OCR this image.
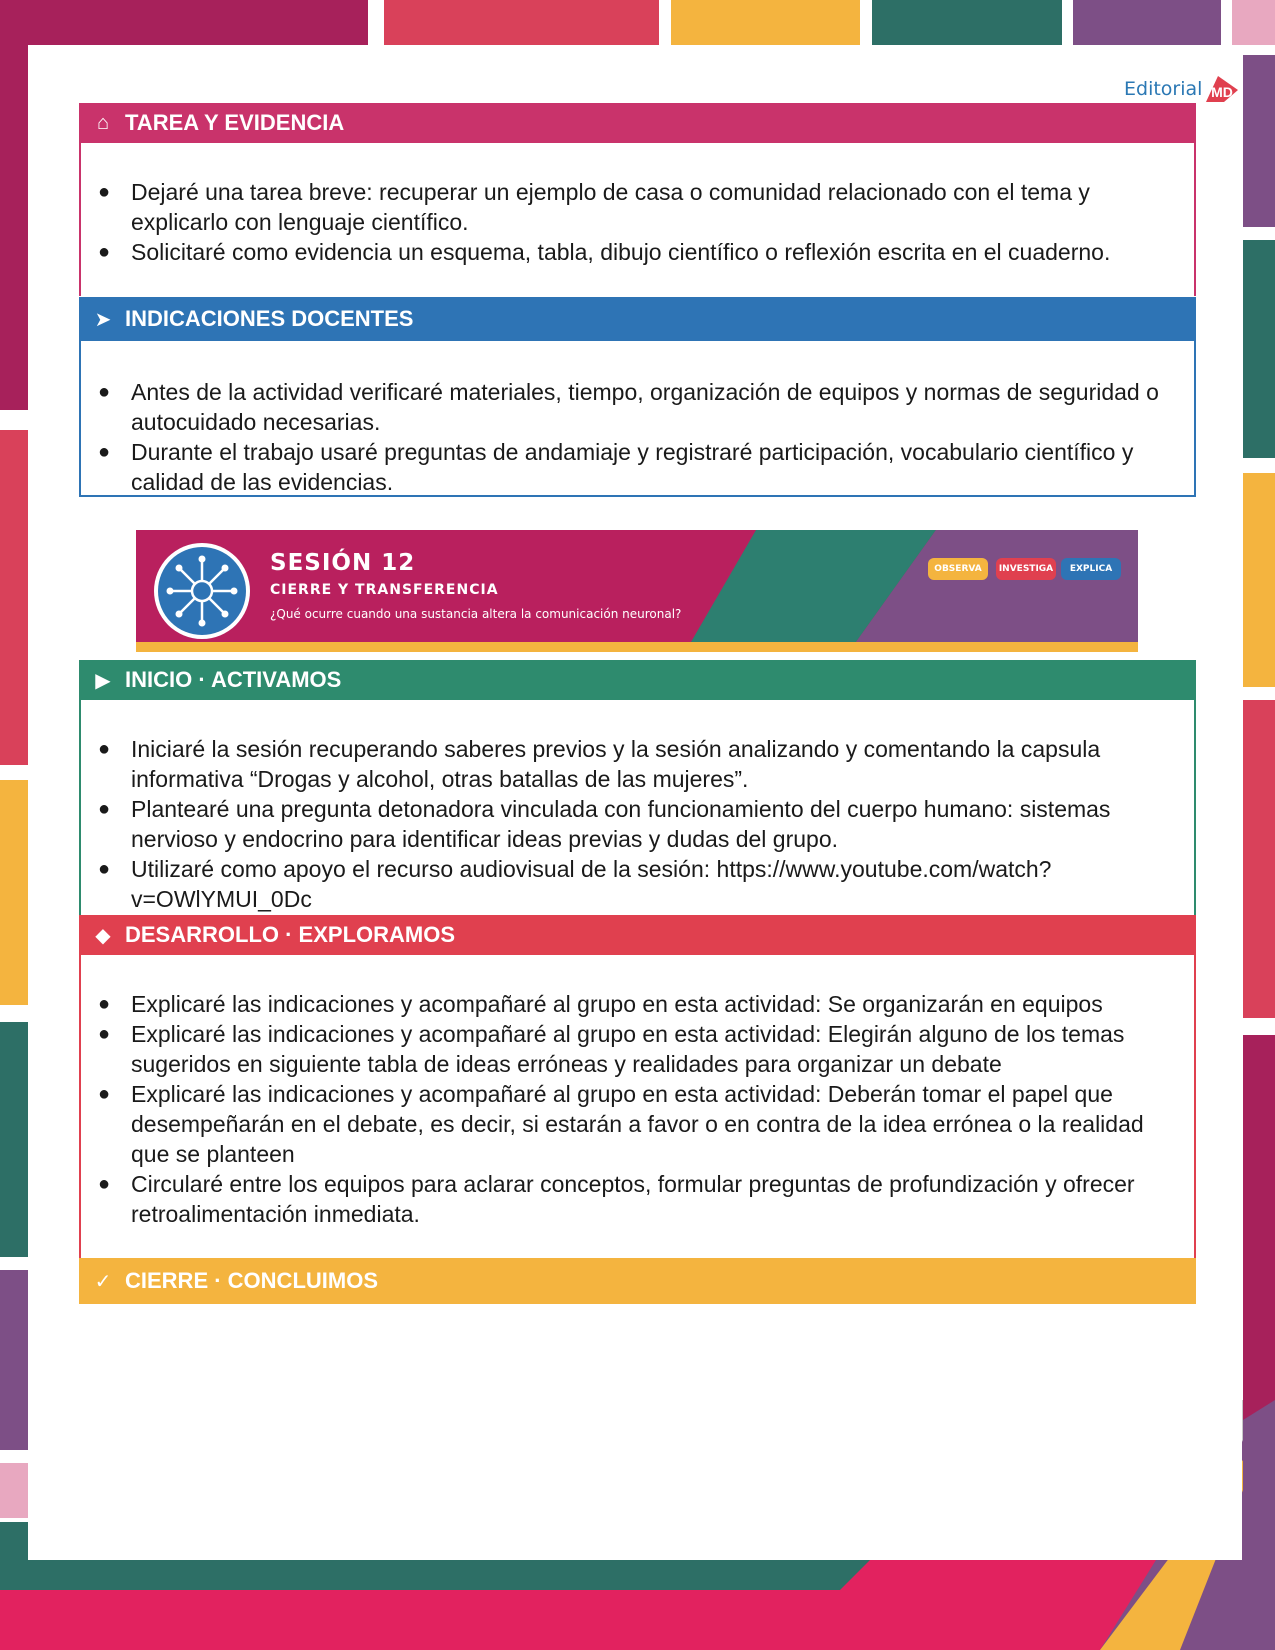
Editorial MD
⌂ TAREA Y EVIDENCIA
● Dejaré una tarea breve: recuperar un ejemplo de casa o comunidad relacionado con el tema y explicarlo con lenguaje científico.
● Solicitaré como evidencia un esquema, tabla, dibujo científico o reflexión escrita en el cuaderno.
➤ INDICACIONES DOCENTES
● Antes de la actividad verificaré materiales, tiempo, organización de equipos y normas de seguridad o autocuidado necesarias.
● Durante el trabajo usaré preguntas de andamiaje y registraré participación, vocabulario científico y calidad de las evidencias.
SESIÓN 12
CIERRE Y TRANSFERENCIA
¿Qué ocurre cuando una sustancia altera la comunicación neuronal?
OBSERVA	INVESTIGA	EXPLICA
▶ INICIO · ACTIVAMOS
● Iniciaré la sesión recuperando saberes previos y la sesión analizando y comentando la capsula informativa “Drogas y alcohol, otras batallas de las mujeres”.
● Plantearé una pregunta detonadora vinculada con funcionamiento del cuerpo humano: sistemas nervioso y endocrino para identificar ideas previas y dudas del grupo.
● Utilizaré como apoyo el recurso audiovisual de la sesión: https://www.youtube.com/watch?v=OWlYMUI_0Dc
◆ DESARROLLO · EXPLORAMOS
● Explicaré las indicaciones y acompañaré al grupo en esta actividad: Se organizarán en equipos
● Explicaré las indicaciones y acompañaré al grupo en esta actividad: Elegirán alguno de los temas sugeridos en siguiente tabla de ideas erróneas y realidades para organizar un debate
● Explicaré las indicaciones y acompañaré al grupo en esta actividad: Deberán tomar el papel que desempeñarán en el debate, es decir, si estarán a favor o en contra de la idea errónea o la realidad que se planteen
● Circularé entre los equipos para aclarar conceptos, formular preguntas de profundización y ofrecer retroalimentación inmediata.
✓ CIERRE · CONCLUIMOS
